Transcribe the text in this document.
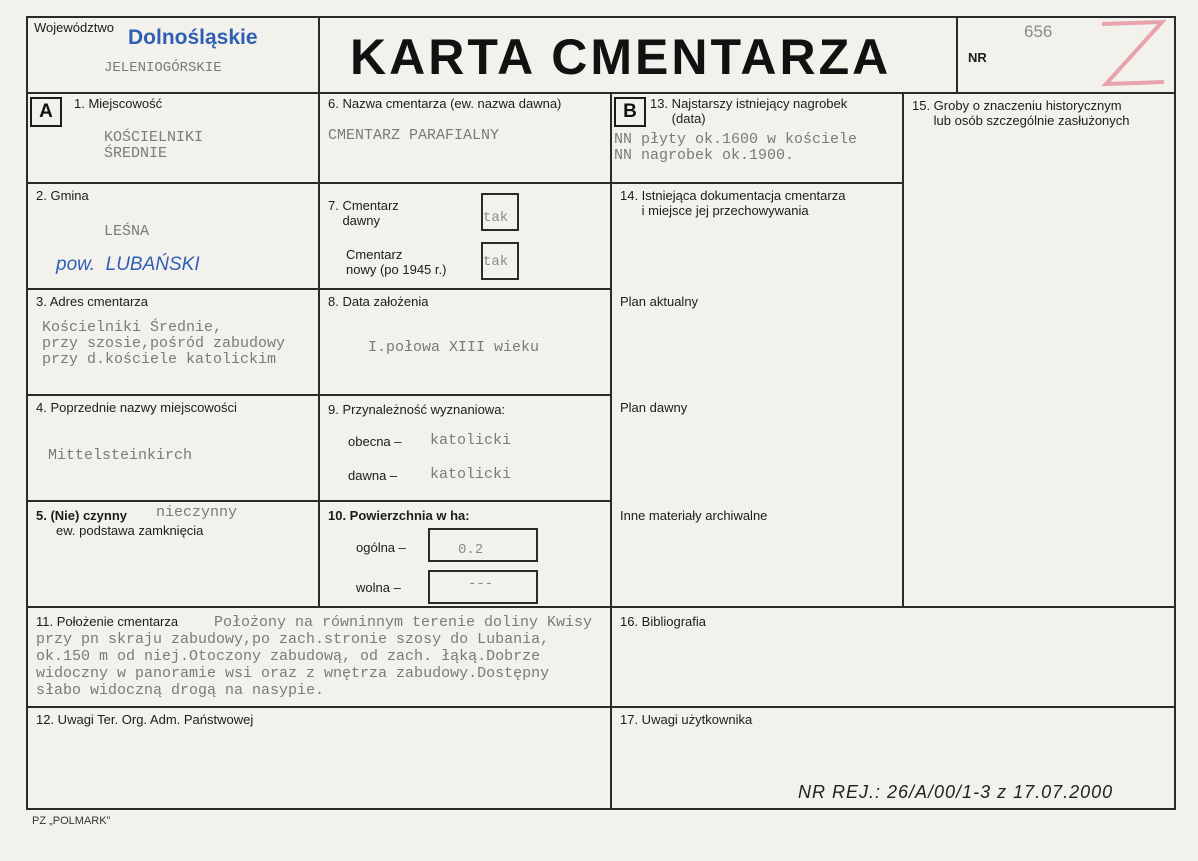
Województwo Dolnośląskie
JELENIOGÓRSKIE	KARTA CMENTARZA	NR
656
A	B
1. Miejscowość
KOŚCIELNIKI
ŚREDNIE
2. Gmina
LEŚNA
pow.  LUBAŃSKI
3. Adres cmentarza
Kościelniki Średnie,
przy szosie,pośród zabudowy
przy d.kościele katolickim
4. Poprzednie nazwy miejscowości
Mittelsteinkirch
5. (Nie) czynny
ew. podstawa zamknięcia
nieczynny
6. Nazwa cmentarza (ew. nazwa dawna)
CMENTARZ PARAFIALNY
7. Cmentarz
dawny	tak
Cmentarz
nowy (po 1945 r.)	tak
8. Data założenia
I.połowa XIII wieku
9. Przynależność wyznaniowa:
obecna – katolicki
dawna – katolicki
10. Powierzchnia w ha:
ogólna –	0.2
wolna –	---
11. Położenie cmentarza	Położony na równinnym terenie doliny Kwisy
przy pn skraju zabudowy,po zach.stronie szosy do Lubania,
ok.150 m od niej.Otoczony zabudową, od zach. łąką.Dobrze
widoczny w panoramie wsi oraz z wnętrza zabudowy.Dostępny
słabo widoczną drogą na nasypie.
12. Uwagi Ter. Org. Adm. Państwowej
13. Najstarszy istniejący nagrobek
(data)
NN płyty ok.1600 w kościele
NN nagrobek ok.1900.
14. Istniejąca dokumentacja cmentarza
i miejsce jej przechowywania
Plan aktualny
Plan dawny
Inne materiały archiwalne
15. Groby o znaczeniu historycznym
lub osób szczególnie zasłużonych
16. Bibliografia
17. Uwagi użytkownika
NR REJ.: 26/A/00/1-3 z 17.07.2000
PZ „POLMARK”
